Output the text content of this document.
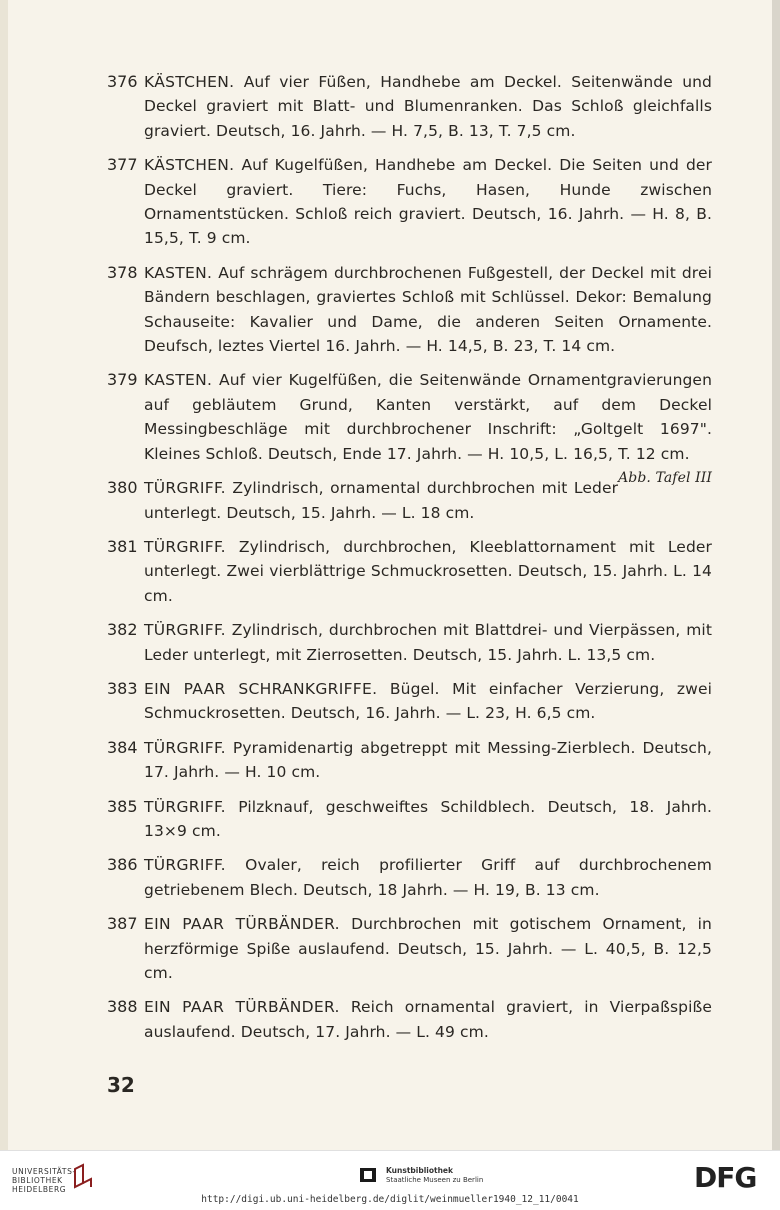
376 KÄSTCHEN. Auf vier Füßen, Handhebe am Deckel. Seitenwände und Deckel graviert mit Blatt- und Blumenranken. Das Schloß gleichfalls graviert. Deutsch, 16. Jahrh. — H. 7,5, B. 13, T. 7,5 cm.
377 KÄSTCHEN. Auf Kugelfüßen, Handhebe am Deckel. Die Seiten und der Deckel graviert. Tiere: Fuchs, Hasen, Hunde zwischen Ornamentstücken. Schloß reich graviert. Deutsch, 16. Jahrh. — H. 8, B. 15,5, T. 9 cm.
378 KASTEN. Auf schrägem durchbrochenen Fußgestell, der Deckel mit drei Bändern beschlagen, graviertes Schloß mit Schlüssel. Dekor: Bemalung Schauseite: Kavalier und Dame, die anderen Seiten Ornamente. Deufsch, leztes Viertel 16. Jahrh. — H. 14,5, B. 23, T. 14 cm.
379 KASTEN. Auf vier Kugelfüßen, die Seitenwände Ornamentgravierungen auf gebläutem Grund, Kanten verstärkt, auf dem Deckel Messingbeschläge mit durchbrochener Inschrift: „Goltgelt 1697". Kleines Schloß. Deutsch, Ende 17. Jahrh. — H. 10,5, L. 16,5, T. 12 cm.
Abb. Tafel III
380 TÜRGRIFF. Zylindrisch, ornamental durchbrochen mit Leder unterlegt. Deutsch, 15. Jahrh. — L. 18 cm.
381 TÜRGRIFF. Zylindrisch, durchbrochen, Kleeblattornament mit Leder unterlegt. Zwei vierblättrige Schmuckrosetten. Deutsch, 15. Jahrh. L. 14 cm.
382 TÜRGRIFF. Zylindrisch, durchbrochen mit Blattdrei- und Vierpässen, mit Leder unterlegt, mit Zierrosetten. Deutsch, 15. Jahrh. L. 13,5 cm.
383 EIN PAAR SCHRANKGRIFFE. Bügel. Mit einfacher Verzierung, zwei Schmuckrosetten. Deutsch, 16. Jahrh. — L. 23, H. 6,5 cm.
384 TÜRGRIFF. Pyramidenartig abgetreppt mit Messing-Zierblech. Deutsch, 17. Jahrh. — H. 10 cm.
385 TÜRGRIFF. Pilzknauf, geschweiftes Schildblech. Deutsch, 18. Jahrh. 13×9 cm.
386 TÜRGRIFF. Ovaler, reich profilierter Griff auf durchbrochenem getriebenem Blech. Deutsch, 18 Jahrh. — H. 19, B. 13 cm.
387 EIN PAAR TÜRBÄNDER. Durchbrochen mit gotischem Ornament, in herzförmige Spiße auslaufend. Deutsch, 15. Jahrh. — L. 40,5, B. 12,5 cm.
388 EIN PAAR TÜRBÄNDER. Reich ornamental graviert, in Vierpaßspiße auslaufend. Deutsch, 17. Jahrh. — L. 49 cm.
32
UNIVERSITÄTS-
BIBLIOTHEK
HEIDELBERG
Kunstbibliothek
Staatliche Museen zu Berlin	DFG
http://digi.ub.uni-heidelberg.de/diglit/weinmueller1940_12_11/0041
